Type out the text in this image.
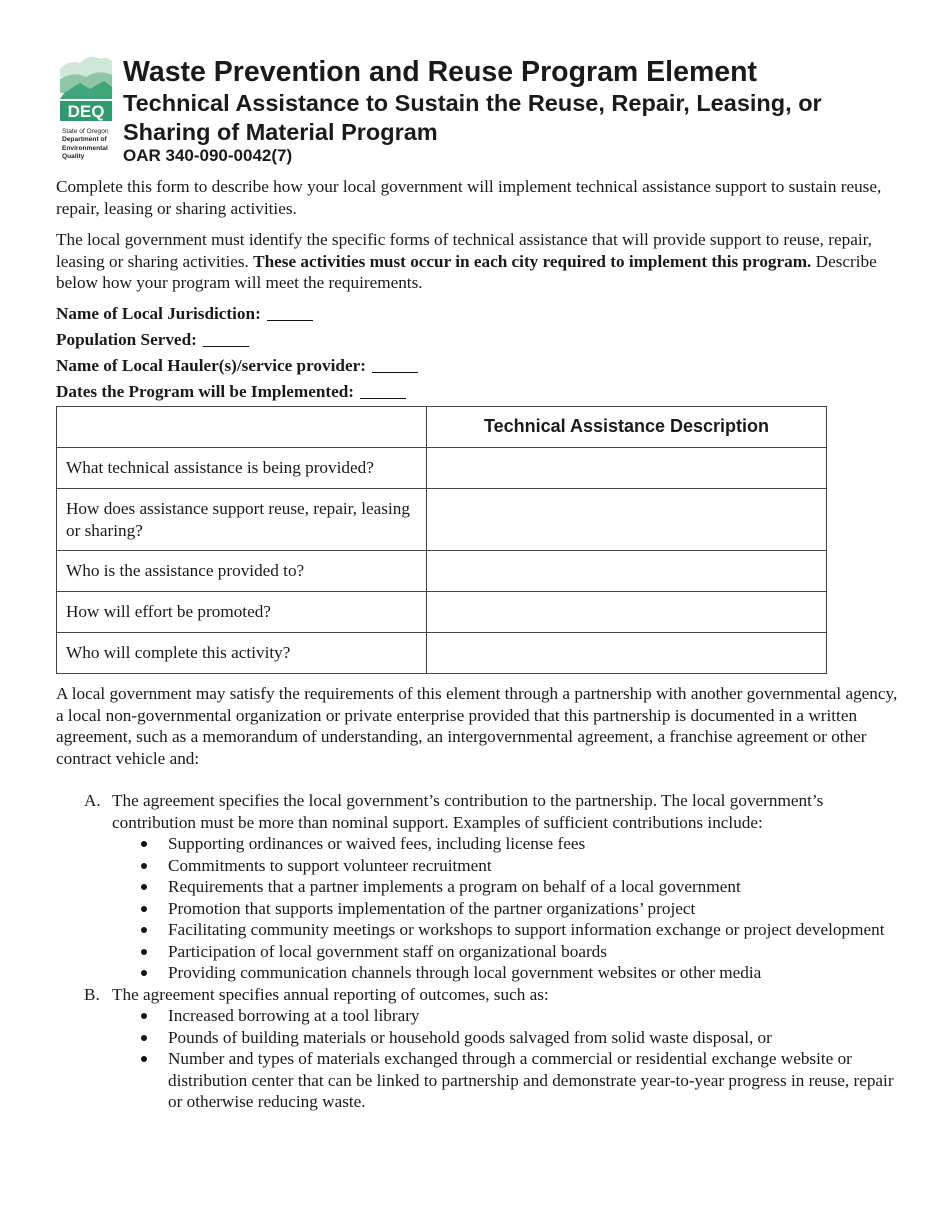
DEQ
State of Oregon
Department of
Environmental
Quality
Waste Prevention and Reuse Program Element
Technical Assistance to Sustain the Reuse, Repair, Leasing, or Sharing of Material Program
OAR 340-090-0042(7)
Complete this form to describe how your local government will implement technical assistance support to sustain reuse, repair, leasing or sharing activities.
The local government must identify the specific forms of technical assistance that will provide support to reuse, repair, leasing or sharing activities. These activities must occur in each city required to implement this program. Describe below how your program will meet the requirements.
Name of Local Jurisdiction:
Population Served:
Name of Local Hauler(s)/service provider:
Dates the Program will be Implemented:
	Technical Assistance Description
What technical assistance is being provided?	
How does assistance support reuse, repair, leasing or sharing?	
Who is the assistance provided to?	
How will effort be promoted?	
Who will complete this activity?	
A local government may satisfy the requirements of this element through a partnership with another governmental agency, a local non-governmental organization or private enterprise provided that this partnership is documented in a written agreement, such as a memorandum of understanding, an intergovernmental agreement, a franchise agreement or other contract vehicle and:
A. The agreement specifies the local government’s contribution to the partnership. The local government’s contribution must be more than nominal support. Examples of sufficient contributions include:
Supporting ordinances or waived fees, including license fees
Commitments to support volunteer recruitment
Requirements that a partner implements a program on behalf of a local government
Promotion that supports implementation of the partner organizations’ project
Facilitating community meetings or workshops to support information exchange or project development
Participation of local government staff on organizational boards
Providing communication channels through local government websites or other media
B. The agreement specifies annual reporting of outcomes, such as:
Increased borrowing at a tool library
Pounds of building materials or household goods salvaged from solid waste disposal, or
Number and types of materials exchanged through a commercial or residential exchange website or distribution center that can be linked to partnership and demonstrate year-to-year progress in reuse, repair or otherwise reducing waste.
